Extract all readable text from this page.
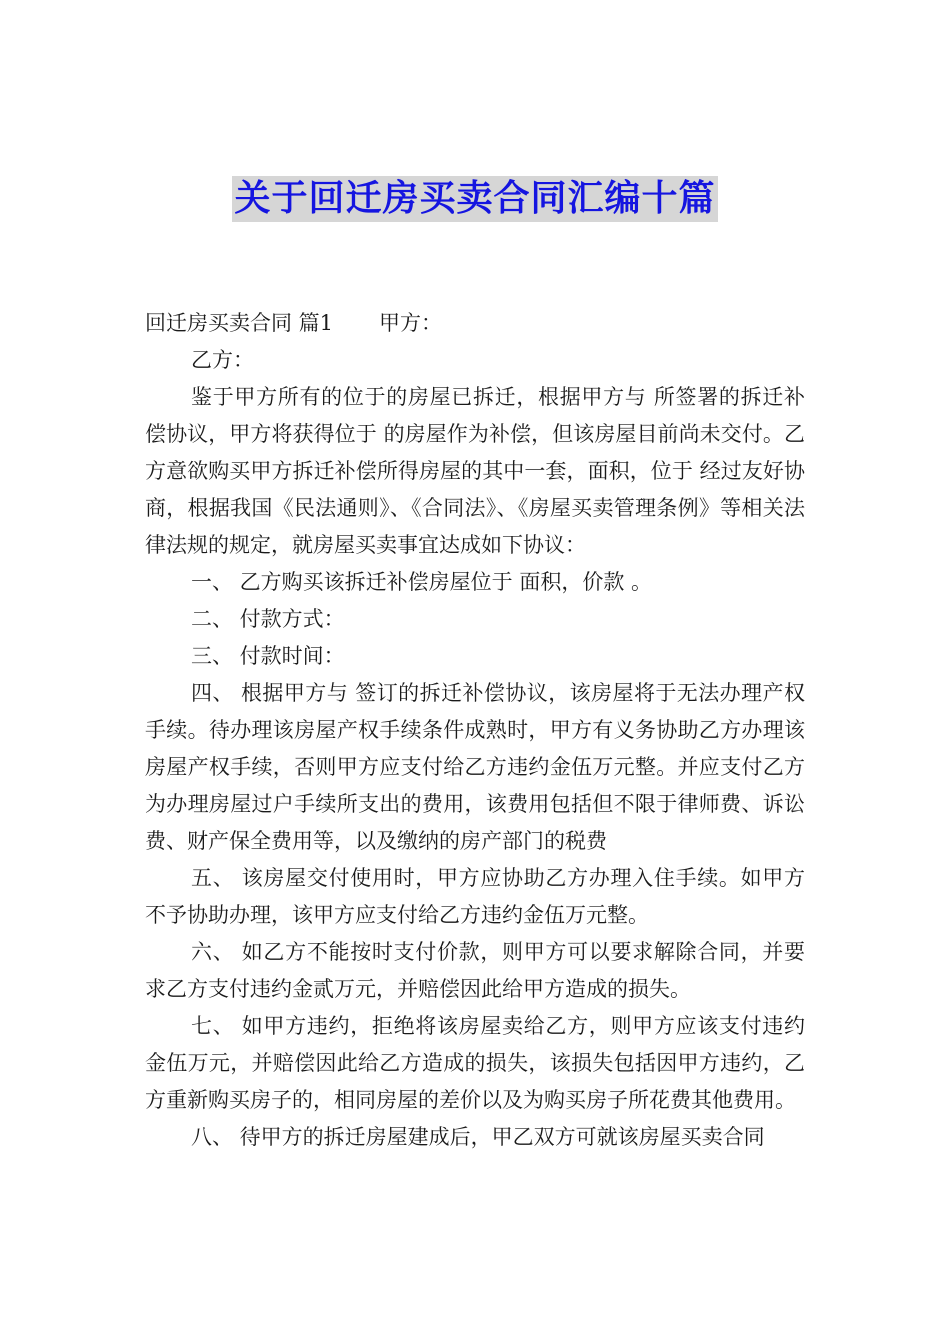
关于回迁房买卖合同汇编十篇

回迁房买卖合同 篇1 甲方：

乙方：

鉴于甲方所有的位于的房屋已拆迁，根据甲方与 所签署的拆迁补偿协议，甲方将获得位于 的房屋作为补偿，但该房屋目前尚未交付。乙方意欲购买甲方拆迁补偿所得房屋的其中一套，面积，位于 经过友好协商，根据我国《民法通则》、《合同法》、《房屋买卖管理条例》等相关法律法规的规定，就房屋买卖事宜达成如下协议：

一、 乙方购买该拆迁补偿房屋位于 面积，价款 。

二、 付款方式：

三、 付款时间：

四、 根据甲方与 签订的拆迁补偿协议，该房屋将于无法办理产权手续。待办理该房屋产权手续条件成熟时，甲方有义务协助乙方办理该房屋产权手续，否则甲方应支付给乙方违约金伍万元整。并应支付乙方为办理房屋过户手续所支出的费用，该费用包括但不限于律师费、诉讼费、财产保全费用等，以及缴纳的房产部门的税费

五、 该房屋交付使用时，甲方应协助乙方办理入住手续。如甲方不予协助办理，该甲方应支付给乙方违约金伍万元整。

六、 如乙方不能按时支付价款，则甲方可以要求解除合同，并要求乙方支付违约金贰万元，并赔偿因此给甲方造成的损失。

七、 如甲方违约，拒绝将该房屋卖给乙方，则甲方应该支付违约金伍万元，并赔偿因此给乙方造成的损失，该损失包括因甲方违约，乙方重新购买房子的，相同房屋的差价以及为购买房子所花费其他费用。

八、 待甲方的拆迁房屋建成后，甲乙双方可就该房屋买卖合同
